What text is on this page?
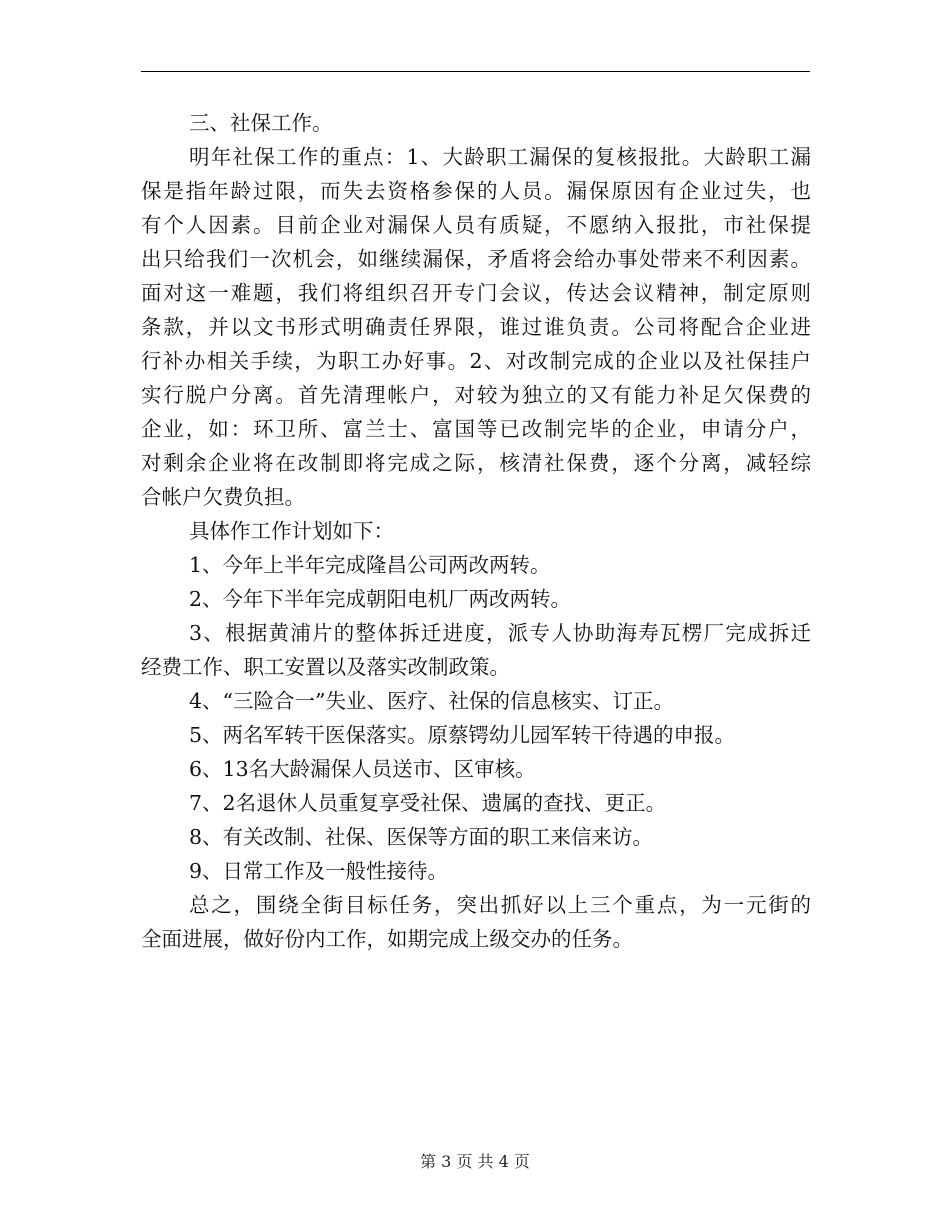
三、社保工作。
明年社保工作的重点：1、大龄职工漏保的复核报批。大龄职工漏
保是指年龄过限，而失去资格参保的人员。漏保原因有企业过失，也
有个人因素。目前企业对漏保人员有质疑，不愿纳入报批，市社保提
出只给我们一次机会，如继续漏保，矛盾将会给办事处带来不利因素。
面对这一难题，我们将组织召开专门会议，传达会议精神，制定原则
条款，并以文书形式明确责任界限，谁过谁负责。公司将配合企业进
行补办相关手续，为职工办好事。2、对改制完成的企业以及社保挂户
实行脱户分离。首先清理帐户，对较为独立的又有能力补足欠保费的
企业，如：环卫所、富兰士、富国等已改制完毕的企业，申请分户，
对剩余企业将在改制即将完成之际，核清社保费，逐个分离，减轻综
合帐户欠费负担。
具体作工作计划如下：
1、今年上半年完成隆昌公司两改两转。
2、今年下半年完成朝阳电机厂两改两转。
3、根据黄浦片的整体拆迁进度，派专人协助海寿瓦楞厂完成拆迁
经费工作、职工安置以及落实改制政策。
4、“三险合一”失业、医疗、社保的信息核实、订正。
5、两名军转干医保落实。原蔡锷幼儿园军转干待遇的申报。
6、13名大龄漏保人员送市、区审核。
7、2名退休人员重复享受社保、遗属的查找、更正。
8、有关改制、社保、医保等方面的职工来信来访。
9、日常工作及一般性接待。
总之，围绕全街目标任务，突出抓好以上三个重点，为一元街的
全面进展，做好份内工作，如期完成上级交办的任务。
第 3 页 共 4 页
